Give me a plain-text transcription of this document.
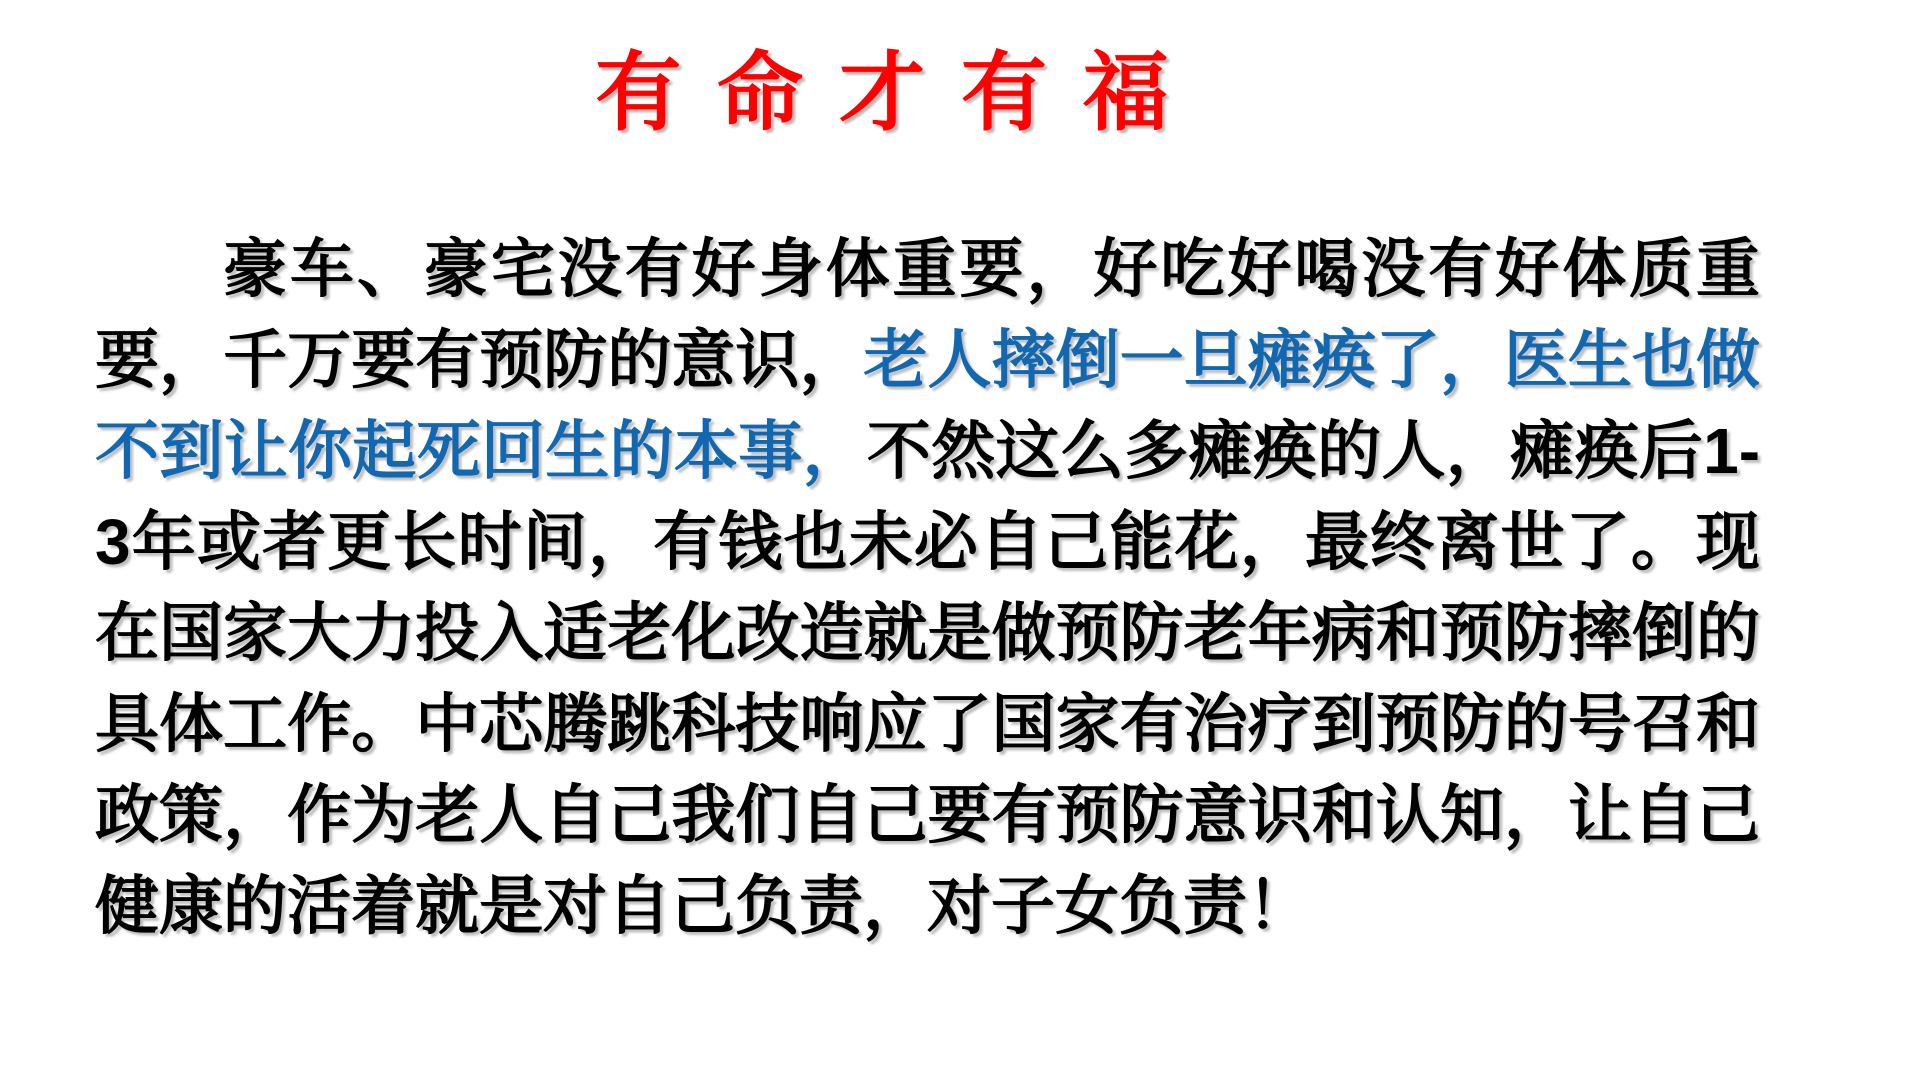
有 命 才 有 福

豪车、豪宅没有好身体重要，好吃好喝没有好体质重要，千万要有预防的意识，老人摔倒一旦瘫痪了，医生也做不到让你起死回生的本事，不然这么多瘫痪的人，瘫痪后1-3年或者更长时间，有钱也未必自己能花，最终离世了。现在国家大力投入适老化改造就是做预防老年病和预防摔倒的具体工作。中芯腾跳科技响应了国家有治疗到预防的号召和政策，作为老人自己我们自己要有预防意识和认知，让自己健康的活着就是对自己负责，对子女负责！
